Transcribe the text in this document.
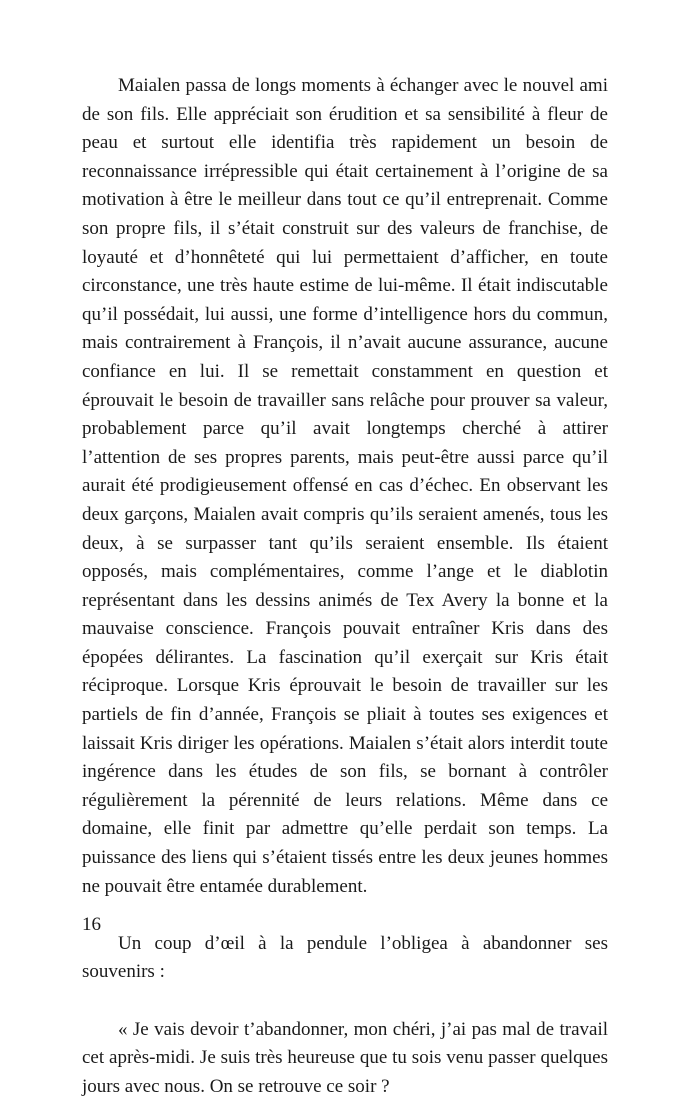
Maialen passa de longs moments à échanger avec le nouvel ami de son fils. Elle appréciait son érudition et sa sensibilité à fleur de peau et surtout elle identifia très rapidement un besoin de reconnaissance irrépressible qui était certainement à l’origine de sa motivation à être le meilleur dans tout ce qu’il entreprenait. Comme son propre fils, il s’était construit sur des valeurs de franchise, de loyauté et d’honnêteté qui lui permettaient d’afficher, en toute circonstance, une très haute estime de lui-même. Il était indiscutable qu’il possédait, lui aussi, une forme d’intelligence hors du commun, mais contrairement à François, il n’avait aucune assurance, aucune confiance en lui. Il se remettait constamment en question et éprouvait le besoin de travailler sans relâche pour prouver sa valeur, probablement parce qu’il avait longtemps cherché à attirer l’attention de ses propres parents, mais peut-être aussi parce qu’il aurait été prodigieusement offensé en cas d’échec. En observant les deux garçons, Maialen avait compris qu’ils seraient amenés, tous les deux, à se surpasser tant qu’ils seraient ensemble. Ils étaient opposés, mais complémentaires, comme l’ange et le diablotin représentant dans les dessins animés de Tex Avery la bonne et la mauvaise conscience. François pouvait entraîner Kris dans des épopées délirantes. La fascination qu’il exerçait sur Kris était réciproque. Lorsque Kris éprouvait le besoin de travailler sur les partiels de fin d’année, François se pliait à toutes ses exigences et laissait Kris diriger les opérations. Maialen s’était alors interdit toute ingérence dans les études de son fils, se bornant à contrôler régulièrement la pérennité de leurs relations. Même dans ce domaine, elle finit par admettre qu’elle perdait son temps. La puissance des liens qui s’étaient tissés entre les deux jeunes hommes ne pouvait être entamée durablement.

Un coup d’œil à la pendule l’obligea à abandonner ses souvenirs :

« Je vais devoir t’abandonner, mon chéri, j’ai pas mal de travail cet après-midi. Je suis très heureuse que tu sois venu passer quelques jours avec nous. On se retrouve ce soir ?

16
